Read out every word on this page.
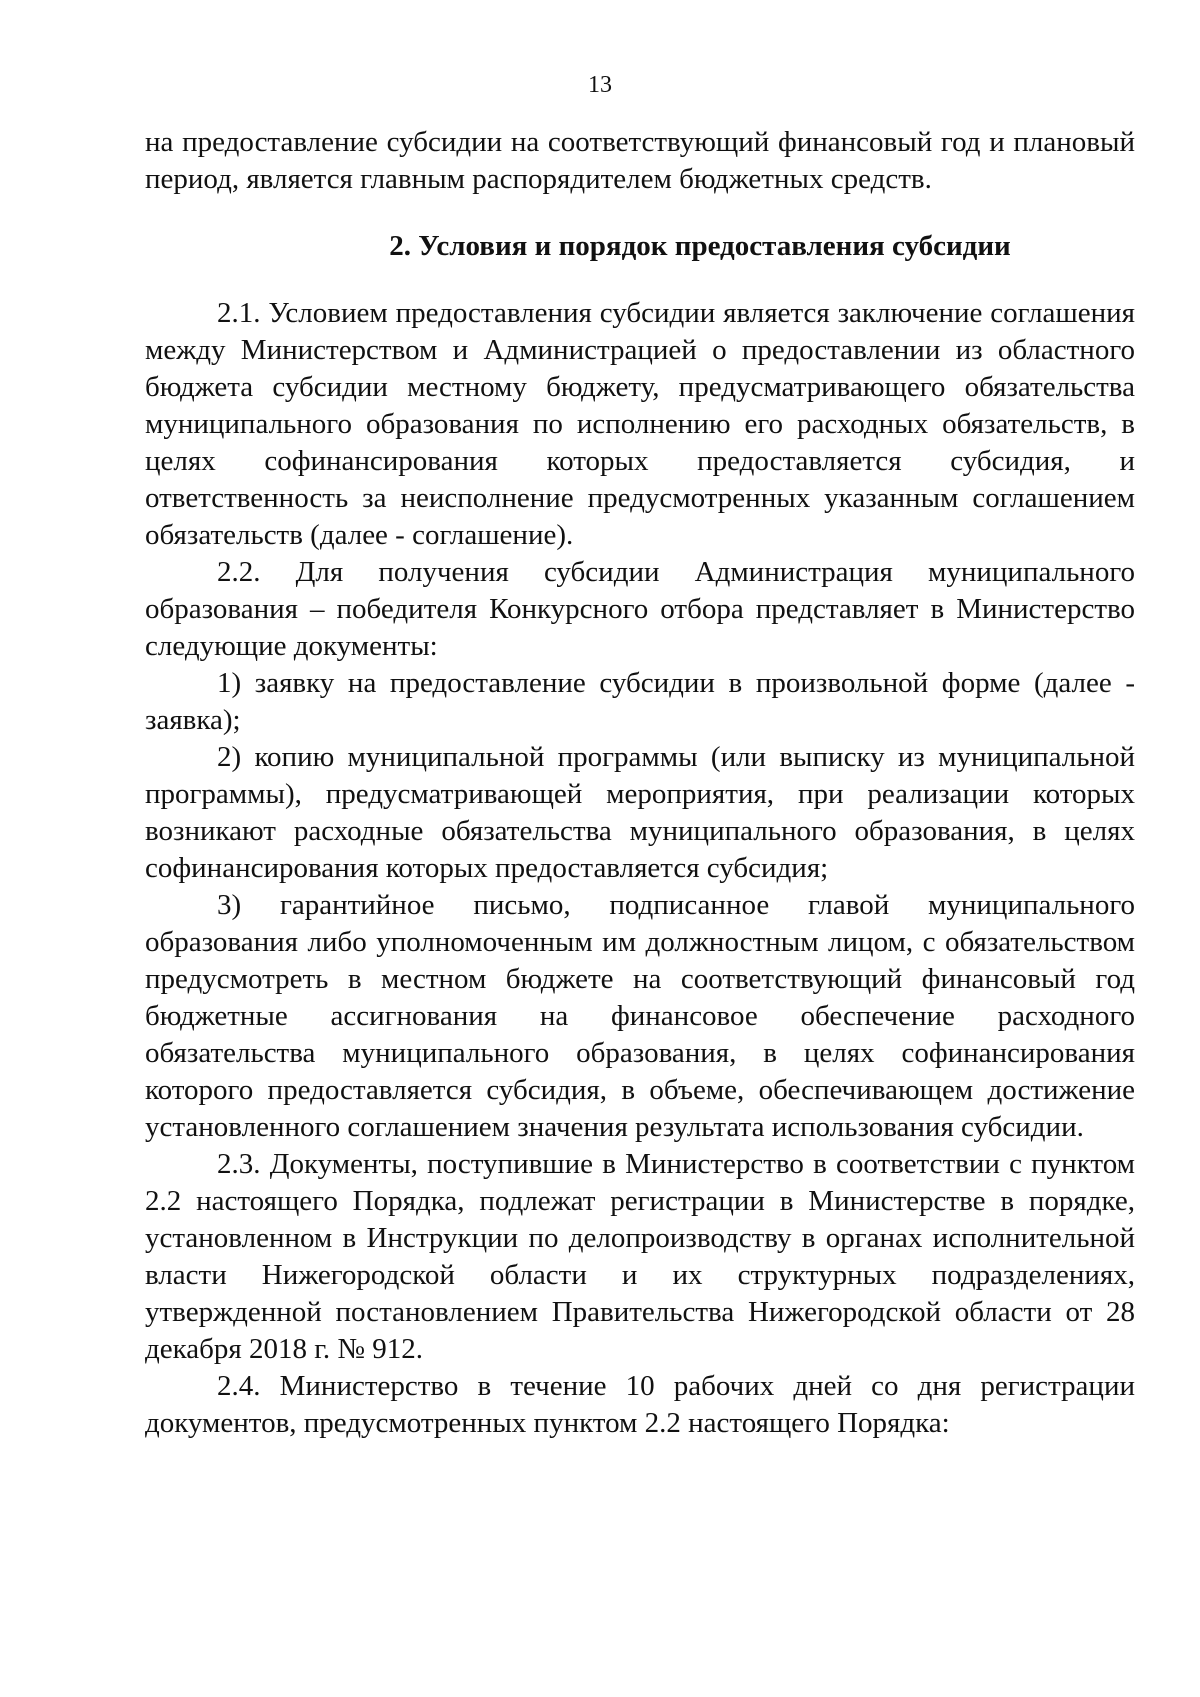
13

на предоставление субсидии на соответствующий финансовый год и плановый период, является главным распорядителем бюджетных средств.

2. Условия и порядок предоставления субсидии

2.1. Условием предоставления субсидии является заключение соглашения между Министерством и Администрацией о предоставлении из областного бюджета субсидии местному бюджету, предусматривающего обязательства муниципального образования по исполнению его расходных обязательств, в целях софинансирования которых предоставляется субсидия, и ответственность за неисполнение предусмотренных указанным соглашением обязательств (далее - соглашение).

2.2. Для получения субсидии Администрация муниципального образования – победителя Конкурсного отбора представляет в Министерство следующие документы:

1) заявку на предоставление субсидии в произвольной форме (далее - заявка);

2) копию муниципальной программы (или выписку из муниципальной программы), предусматривающей мероприятия, при реализации которых возникают расходные обязательства муниципального образования, в целях софинансирования которых предоставляется субсидия;

3) гарантийное письмо, подписанное главой муниципального образования либо уполномоченным им должностным лицом, с обязательством предусмотреть в местном бюджете на соответствующий финансовый год бюджетные ассигнования на финансовое обеспечение расходного обязательства муниципального образования, в целях софинансирования которого предоставляется субсидия, в объеме, обеспечивающем достижение установленного соглашением значения результата использования субсидии.

2.3. Документы, поступившие в Министерство в соответствии с пунктом 2.2 настоящего Порядка, подлежат регистрации в Министерстве в порядке, установленном в Инструкции по делопроизводству в органах исполнительной власти Нижегородской области и их структурных подразделениях, утвержденной постановлением Правительства Нижегородской области от 28 декабря 2018 г. № 912.

2.4. Министерство в течение 10 рабочих дней со дня регистрации документов, предусмотренных пунктом 2.2 настоящего Порядка:
